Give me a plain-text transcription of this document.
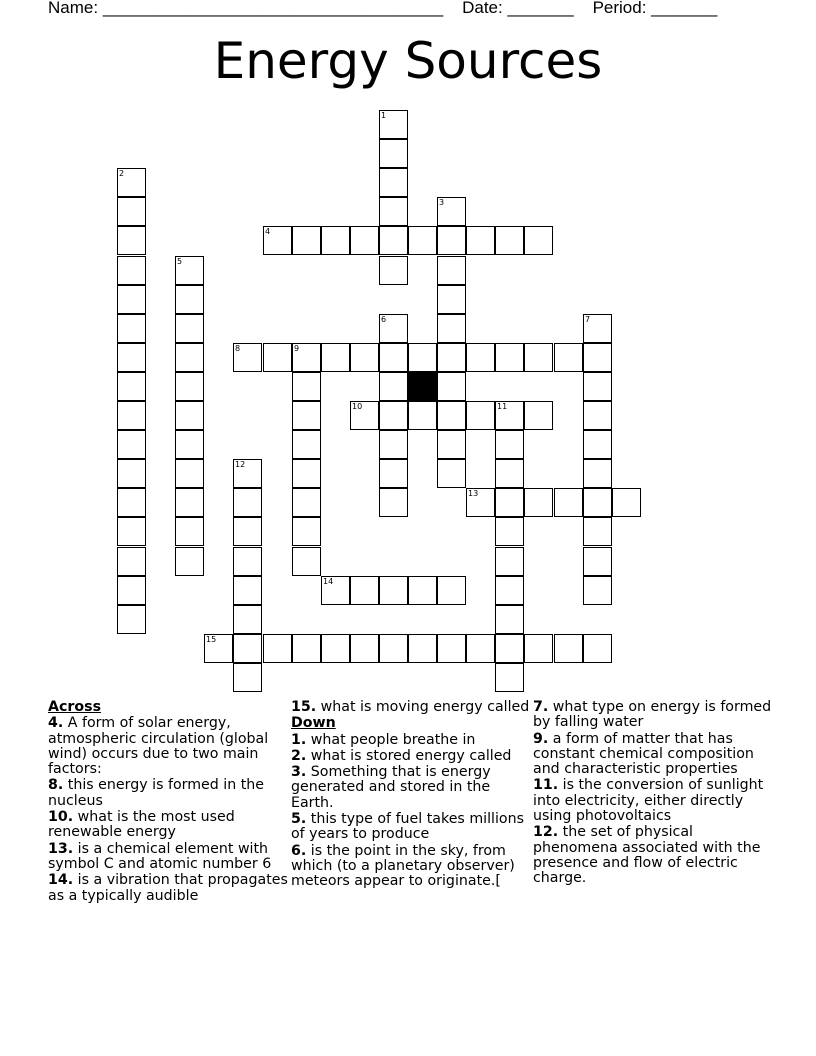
Name: ____________________________________ Date: _______ Period: _______
Energy Sources
1
2
3
4
5
6	7
8	9
10	11
12
13
14
15
Across
4. A form of solar energy, atmospheric circulation (global wind) occurs due to two main factors:
8. this energy is formed in the nucleus
10. what is the most used renewable energy
13. is a chemical element with symbol C and atomic number 6
14. is a vibration that propagates as a typically audible
15. what is moving energy called
Down
1. what people breathe in
2. what is stored energy called
3. Something that is energy generated and stored in the Earth.
5. this type of fuel takes millions of years to produce
6. is the point in the sky, from which (to a planetary observer) meteors appear to originate.[
7. what type on energy is formed by falling water
9. a form of matter that has constant chemical composition and characteristic properties
11. is the conversion of sunlight into electricity, either directly using photovoltaics
12. the set of physical phenomena associated with the presence and flow of electric charge.
